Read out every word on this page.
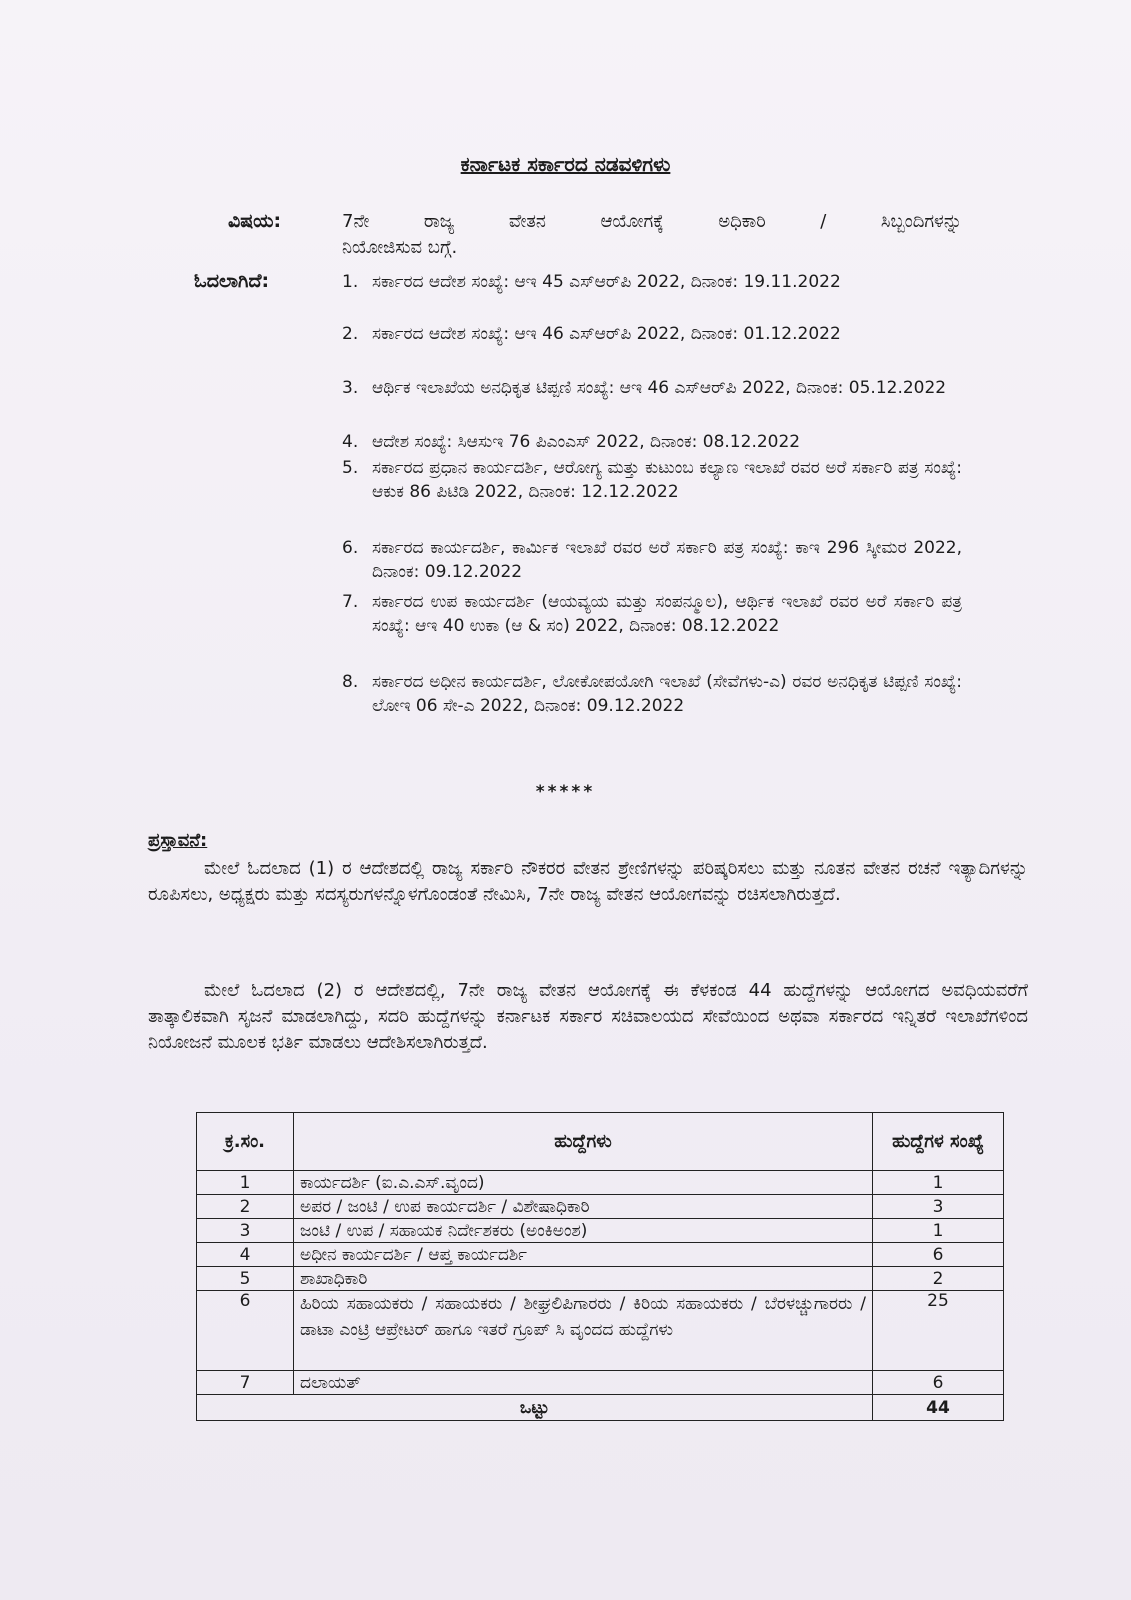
ಕರ್ನಾಟಕ ಸರ್ಕಾರದ ನಡವಳಿಗಳು
ವಿಷಯ:	7ನೇ ರಾಜ್ಯ ವೇತನ ಆಯೋಗಕ್ಕೆ ಅಧಿಕಾರಿ / ಸಿಬ್ಬಂದಿಗಳನ್ನು
ನಿಯೋಜಿಸುವ ಬಗ್ಗೆ.
ಓದಲಾಗಿದೆ:	1. ಸರ್ಕಾರದ ಆದೇಶ ಸಂಖ್ಯೆ: ಆಇ 45 ಎಸ್‌ಆರ್‌ಪಿ 2022, ದಿನಾಂಕ: 19.11.2022
2. ಸರ್ಕಾರದ ಆದೇಶ ಸಂಖ್ಯೆ: ಆಇ 46 ಎಸ್‌ಆರ್‌ಪಿ 2022, ದಿನಾಂಕ: 01.12.2022
3. ಆರ್ಥಿಕ ಇಲಾಖೆಯ ಅನಧಿಕೃತ ಟಿಪ್ಪಣಿ ಸಂಖ್ಯೆ: ಆಇ 46 ಎಸ್‌ಆರ್‌ಪಿ 2022, ದಿನಾಂಕ: 05.12.2022
4. ಆದೇಶ ಸಂಖ್ಯೆ: ಸಿಆಸುಇ 76 ಪಿಎಂಎಸ್ 2022, ದಿನಾಂಕ: 08.12.2022
5. ಸರ್ಕಾರದ ಪ್ರಧಾನ ಕಾರ್ಯದರ್ಶಿ, ಆರೋಗ್ಯ ಮತ್ತು ಕುಟುಂಬ ಕಲ್ಯಾಣ ಇಲಾಖೆ ರವರ ಅರೆ ಸರ್ಕಾರಿ ಪತ್ರ ಸಂಖ್ಯೆ: ಆಕುಕ 86 ಪಿಟಿಡಿ 2022, ದಿನಾಂಕ: 12.12.2022
6. ಸರ್ಕಾರದ ಕಾರ್ಯದರ್ಶಿ, ಕಾರ್ಮಿಕ ಇಲಾಖೆ ರವರ ಅರೆ ಸರ್ಕಾರಿ ಪತ್ರ ಸಂಖ್ಯೆ: ಕಾಇ 296 ಸ್ಕೀಮರ 2022, ದಿನಾಂಕ: 09.12.2022
7. ಸರ್ಕಾರದ ಉಪ ಕಾರ್ಯದರ್ಶಿ (ಆಯವ್ಯಯ ಮತ್ತು ಸಂಪನ್ಮೂಲ), ಆರ್ಥಿಕ ಇಲಾಖೆ ರವರ ಅರೆ ಸರ್ಕಾರಿ ಪತ್ರ ಸಂಖ್ಯೆ: ಆಇ 40 ಉಕಾ (ಆ & ಸಂ) 2022, ದಿನಾಂಕ: 08.12.2022
8. ಸರ್ಕಾರದ ಅಧೀನ ಕಾರ್ಯದರ್ಶಿ, ಲೋಕೋಪಯೋಗಿ ಇಲಾಖೆ (ಸೇವೆಗಳು-ಎ) ರವರ ಅನಧಿಕೃತ ಟಿಪ್ಪಣಿ ಸಂಖ್ಯೆ: ಲೋಇ 06 ಸೇ-ಎ 2022, ದಿನಾಂಕ: 09.12.2022
*****
ಪ್ರಸ್ತಾವನೆ:
ಮೇಲೆ ಓದಲಾದ (1) ರ ಆದೇಶದಲ್ಲಿ ರಾಜ್ಯ ಸರ್ಕಾರಿ ನೌಕರರ ವೇತನ ಶ್ರೇಣಿಗಳನ್ನು ಪರಿಷ್ಕರಿಸಲು ಮತ್ತು ನೂತನ ವೇತನ ರಚನೆ ಇತ್ಯಾದಿಗಳನ್ನು ರೂಪಿಸಲು, ಅಧ್ಯಕ್ಷರು ಮತ್ತು ಸದಸ್ಯರುಗಳನ್ನೊಳಗೊಂಡಂತೆ ನೇಮಿಸಿ, 7ನೇ ರಾಜ್ಯ ವೇತನ ಆಯೋಗವನ್ನು ರಚಿಸಲಾಗಿರುತ್ತದೆ.
ಮೇಲೆ ಓದಲಾದ (2) ರ ಆದೇಶದಲ್ಲಿ, 7ನೇ ರಾಜ್ಯ ವೇತನ ಆಯೋಗಕ್ಕೆ ಈ ಕೆಳಕಂಡ 44 ಹುದ್ದೆಗಳನ್ನು ಆಯೋಗದ ಅವಧಿಯವರೆಗೆ ತಾತ್ಕಾಲಿಕವಾಗಿ ಸೃಜನೆ ಮಾಡಲಾಗಿದ್ದು, ಸದರಿ ಹುದ್ದೆಗಳನ್ನು ಕರ್ನಾಟಕ ಸರ್ಕಾರ ಸಚಿವಾಲಯದ ಸೇವೆಯಿಂದ ಅಥವಾ ಸರ್ಕಾರದ ಇನ್ನಿತರೆ ಇಲಾಖೆಗಳಿಂದ ನಿಯೋಜನೆ ಮೂಲಕ ಭರ್ತಿ ಮಾಡಲು ಆದೇಶಿಸಲಾಗಿರುತ್ತದೆ.
ಕ್ರ.ಸಂ.	ಹುದ್ದೆಗಳು	ಹುದ್ದೆಗಳ ಸಂಖ್ಯೆ
1	ಕಾರ್ಯದರ್ಶಿ (ಐ.ಎ.ಎಸ್.ವೃಂದ)	1
2	ಅಪರ / ಜಂಟಿ / ಉಪ ಕಾರ್ಯದರ್ಶಿ / ವಿಶೇಷಾಧಿಕಾರಿ	3
3	ಜಂಟಿ / ಉಪ / ಸಹಾಯಕ ನಿರ್ದೇಶಕರು (ಅಂಕಿಅಂಶ)	1
4	ಅಧೀನ ಕಾರ್ಯದರ್ಶಿ / ಆಪ್ತ ಕಾರ್ಯದರ್ಶಿ	6
5	ಶಾಖಾಧಿಕಾರಿ	2
6	ಹಿರಿಯ ಸಹಾಯಕರು / ಸಹಾಯಕರು / ಶೀಘ್ರಲಿಪಿಗಾರರು / ಕಿರಿಯ ಸಹಾಯಕರು / ಬೆರಳಚ್ಚುಗಾರರು / ಡಾಟಾ ಎಂಟ್ರಿ ಆಪ್ರೇಟರ್ ಹಾಗೂ ಇತರೆ ಗ್ರೂಪ್ ಸಿ ವೃಂದದ ಹುದ್ದೆಗಳು	25
7	ದಲಾಯತ್	6
ಒಟ್ಟು		44
